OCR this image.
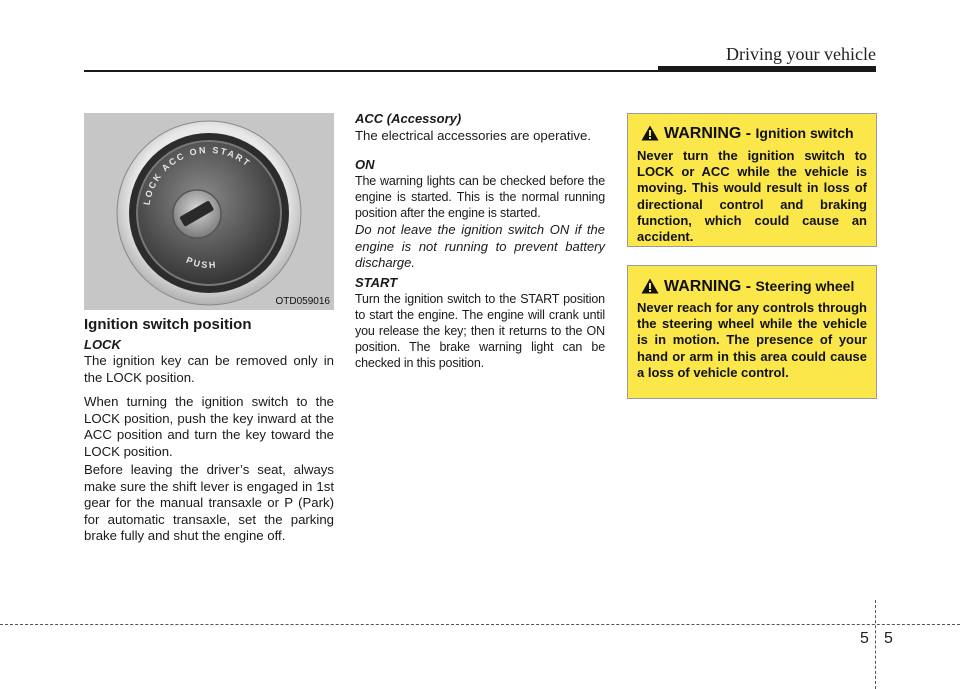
Driving your vehicle
LOCK ACC ON START
PUSH
OTD059016
Ignition switch position
LOCK
The ignition key can be removed only in the LOCK position.
When turning the ignition switch to the LOCK position, push the key inward at the ACC position and turn the key toward the LOCK position.
Before leaving the driver’s seat, always make sure the shift lever is engaged in 1st gear for the manual transaxle or P (Park) for automatic transaxle, set the parking brake fully and shut the engine off.
ACC (Accessory)
The electrical accessories are operative.
ON
The warning lights can be checked before the engine is started. This is the normal running position after the engine is started.
Do not leave the ignition switch ON if the engine is not running to prevent battery discharge.
START
Turn the ignition switch to the START position to start the engine. The engine will crank until you release the key; then it returns to the ON position. The brake warning light can be checked in this position.
WARNING - Ignition switch
Never turn the ignition switch to LOCK or ACC while the vehicle is moving. This would result in loss of directional control and braking function, which could cause an accident.
WARNING - Steering wheel
Never reach for any controls through the steering wheel while the vehicle is in motion. The presence of your hand or arm in this area could cause a loss of vehicle control.
5 5
